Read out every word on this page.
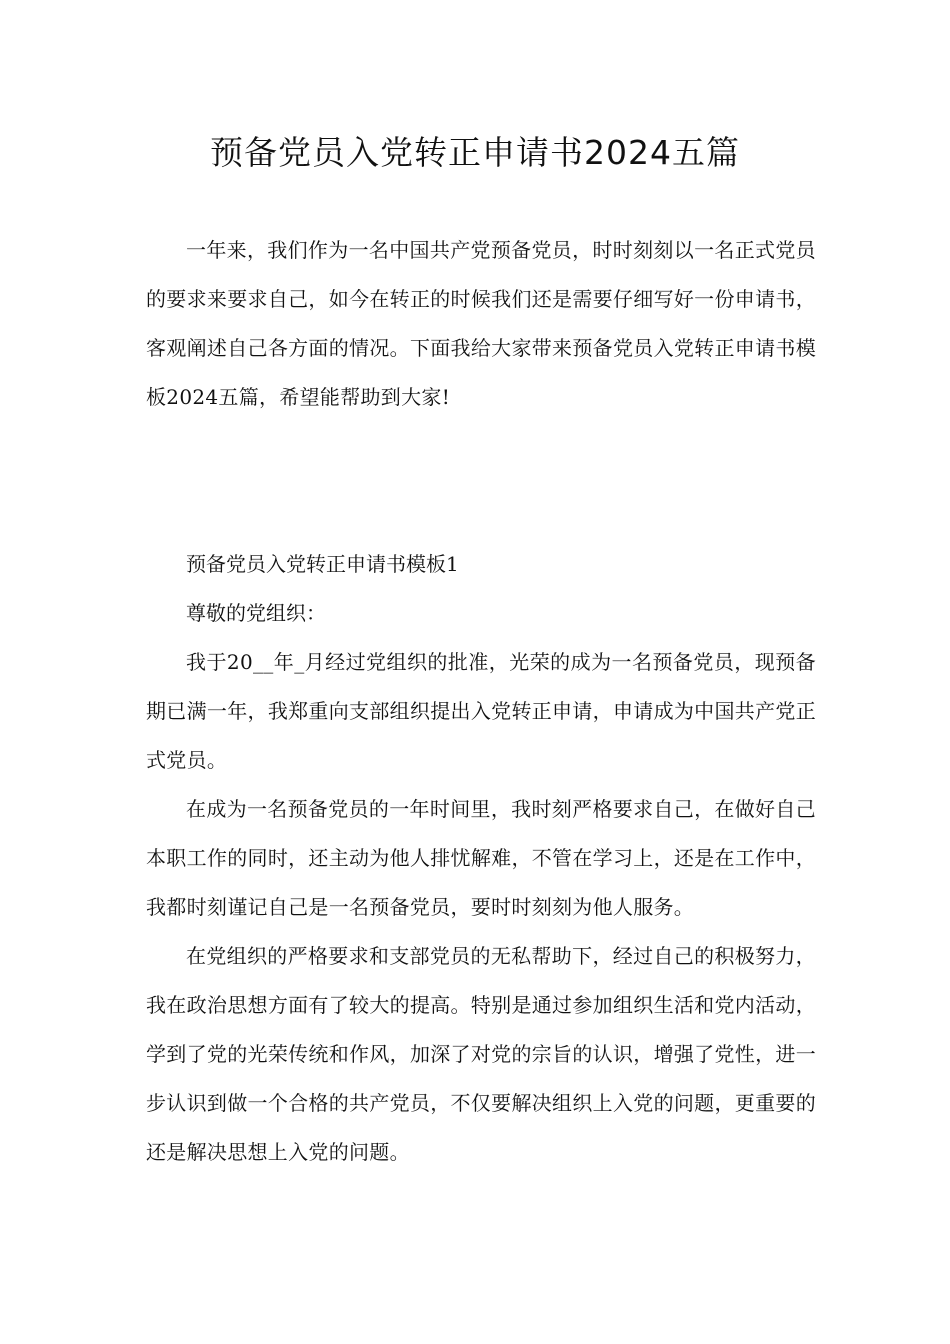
预备党员入党转正申请书2024五篇

一年来，我们作为一名中国共产党预备党员，时时刻刻以一名正式党员的要求来要求自己，如今在转正的时候我们还是需要仔细写好一份申请书，客观阐述自己各方面的情况。下面我给大家带来预备党员入党转正申请书模板2024五篇，希望能帮助到大家!

预备党员入党转正申请书模板1

尊敬的党组织：

我于20__年_月经过党组织的批准，光荣的成为一名预备党员，现预备期已满一年，我郑重向支部组织提出入党转正申请，申请成为中国共产党正式党员。

在成为一名预备党员的一年时间里，我时刻严格要求自己，在做好自己本职工作的同时，还主动为他人排忧解难，不管在学习上，还是在工作中，我都时刻谨记自己是一名预备党员，要时时刻刻为他人服务。

在党组织的严格要求和支部党员的无私帮助下，经过自己的积极努力，我在政治思想方面有了较大的提高。特别是通过参加组织生活和党内活动，学到了党的光荣传统和作风，加深了对党的宗旨的认识，增强了党性，进一步认识到做一个合格的共产党员，不仅要解决组织上入党的问题，更重要的还是解决思想上入党的问题。
